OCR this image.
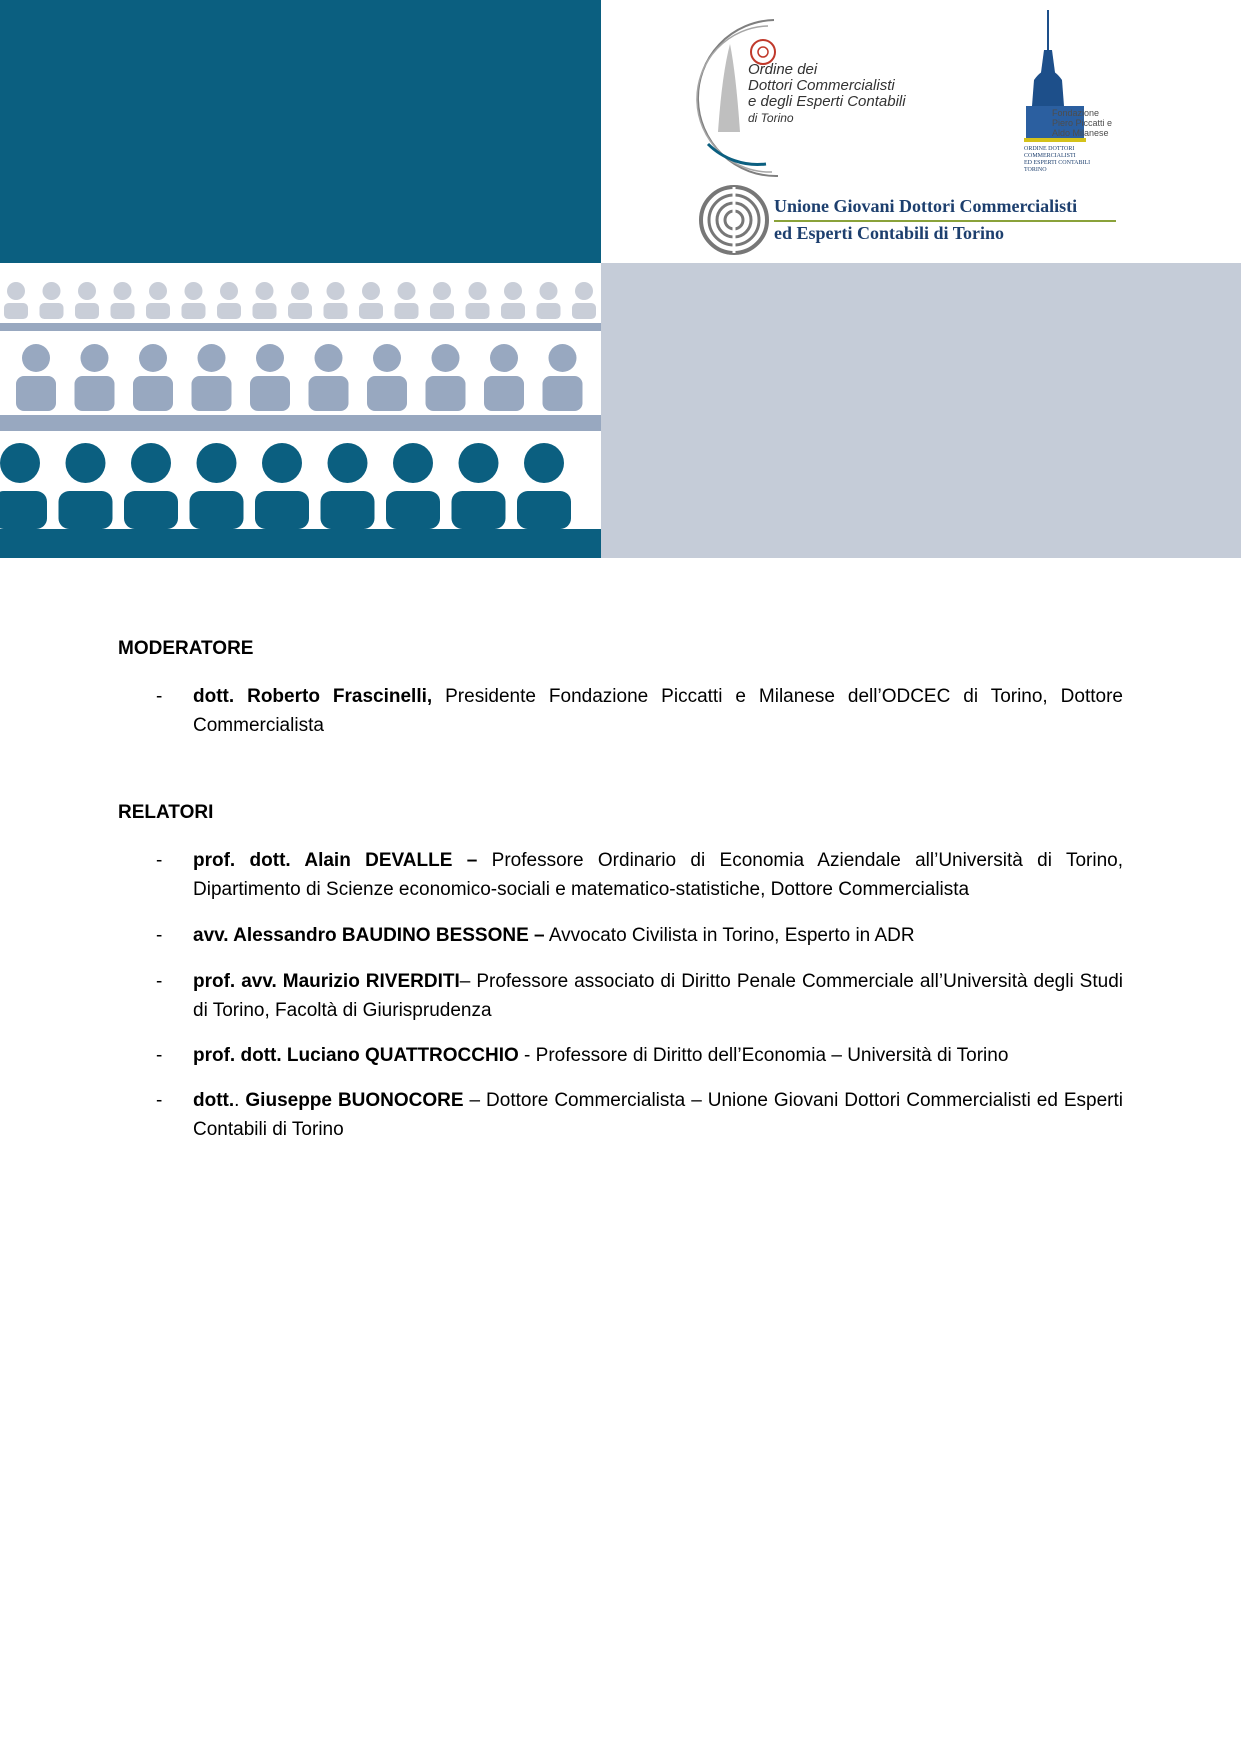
Ordine dei
Dottori Commercialisti
e degli Esperti Contabili
di Torino	Fondazione
Piero Piccatti e
Aldo Milanese
ORDINE DOTTORI
COMMERCIALISTI
ED ESPERTI CONTABILI
TORINO
Unione Giovani Dottori Commercialisti
ed Esperti Contabili di Torino
MODERATORE
- dott. Roberto Frascinelli, Presidente Fondazione Piccatti e Milanese dell’ODCEC di Torino, Dottore Commercialista
RELATORI
- prof. dott. Alain DEVALLE – Professore Ordinario di Economia Aziendale all’Università di Torino, Dipartimento di Scienze economico-sociali e matematico-statistiche, Dottore Commercialista
- avv. Alessandro BAUDINO BESSONE – Avvocato Civilista in Torino, Esperto in ADR
- prof. avv. Maurizio RIVERDITI– Professore associato di Diritto Penale Commerciale all’Università degli Studi di Torino, Facoltà di Giurisprudenza
- prof. dott. Luciano QUATTROCCHIO - Professore di Diritto dell’Economia – Università di Torino
- dott.. Giuseppe BUONOCORE – Dottore Commercialista – Unione Giovani Dottori Commercialisti ed Esperti Contabili di Torino
